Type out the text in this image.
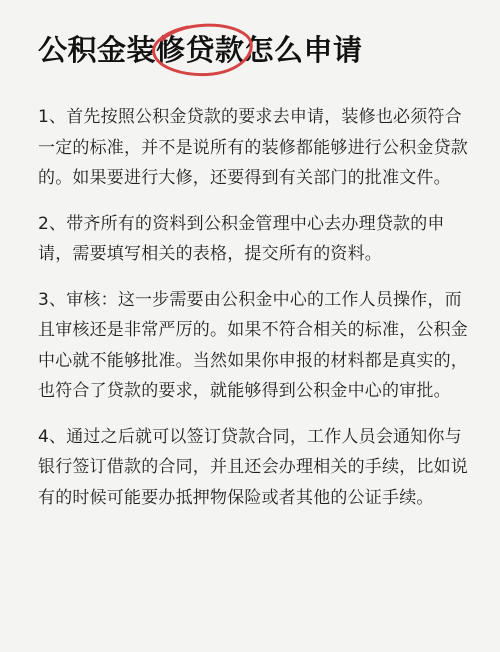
公积金装修贷款怎么申请

1、首先按照公积金贷款的要求去申请，装修也必须符合一定的标准，并不是说所有的装修都能够进行公积金贷款的。如果要进行大修，还要得到有关部门的批准文件。

2、带齐所有的资料到公积金管理中心去办理贷款的申请，需要填写相关的表格，提交所有的资料。

3、审核：这一步需要由公积金中心的工作人员操作，而且审核还是非常严厉的。如果不符合相关的标准，公积金中心就不能够批准。当然如果你申报的材料都是真实的，也符合了贷款的要求，就能够得到公积金中心的审批。

4、通过之后就可以签订贷款合同，工作人员会通知你与银行签订借款的合同，并且还会办理相关的手续，比如说有的时候可能要办抵押物保险或者其他的公证手续。
